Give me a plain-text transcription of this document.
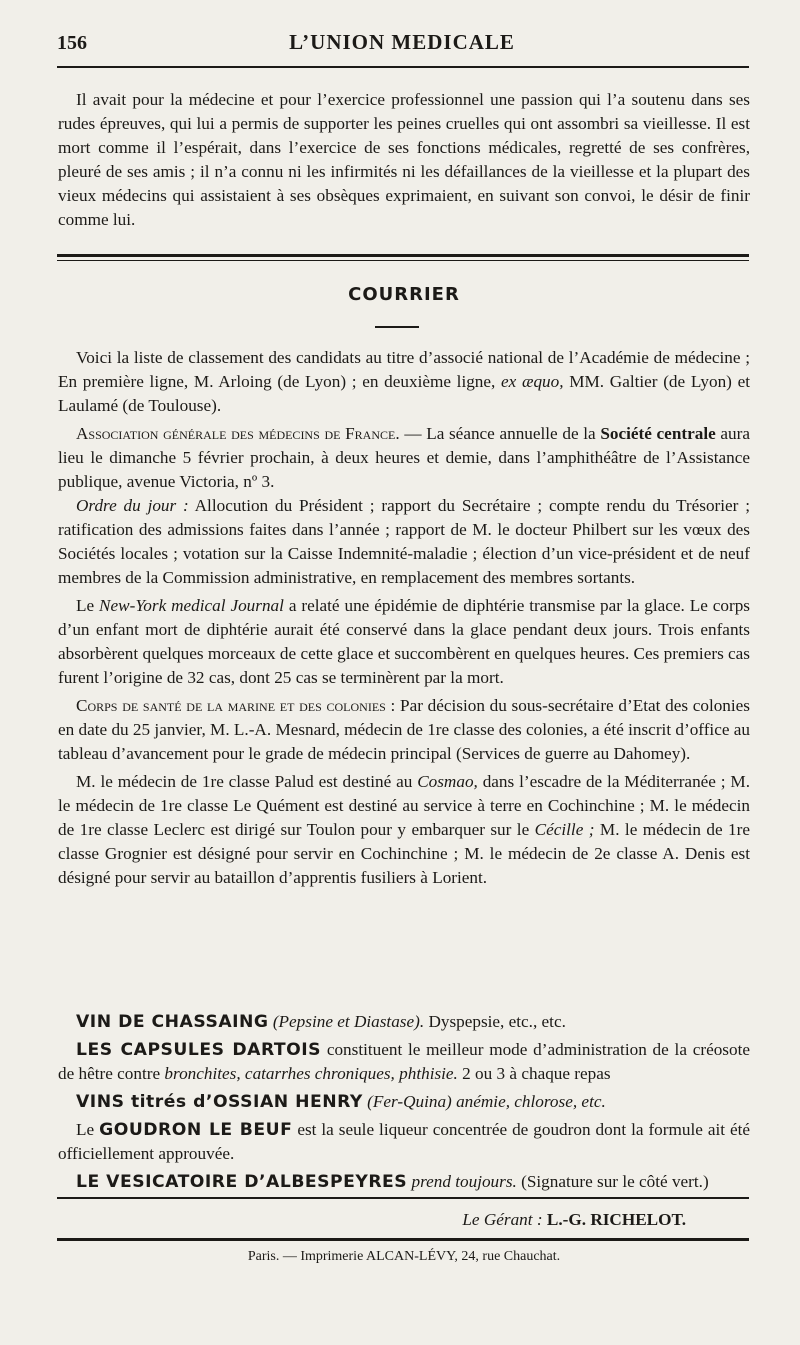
156	L’UNION MEDICALE

Il avait pour la médecine et pour l’exercice professionnel une passion qui l’a soutenu dans ses rudes épreuves, qui lui a permis de supporter les peines cruelles qui ont assombri sa vieillesse. Il est mort comme il l’espérait, dans l’exercice de ses fonctions médicales, regretté de ses confrères, pleuré de ses amis ; il n’a connu ni les infirmités ni les défaillances de la vieillesse et la plupart des vieux médecins qui assistaient à ses obsèques exprimaient, en suivant son convoi, le désir de finir comme lui.

COURRIER

Voici la liste de classement des candidats au titre d’associé national de l’Académie de médecine ; En première ligne, M. Arloing (de Lyon) ; en deuxième ligne, ex æquo, MM. Galtier (de Lyon) et Laulamé (de Toulouse).

Association générale des médecins de France. — La séance annuelle de la Société centrale aura lieu le dimanche 5 février prochain, à deux heures et demie, dans l’amphithéâtre de l’Assistance publique, avenue Victoria, nº 3.

Ordre du jour : Allocution du Président ; rapport du Secrétaire ; compte rendu du Trésorier ; ratification des admissions faites dans l’année ; rapport de M. le docteur Philbert sur les vœux des Sociétés locales ; votation sur la Caisse Indemnité-maladie ; élection d’un vice-président et de neuf membres de la Commission administrative, en remplacement des membres sortants.

Le New-York medical Journal a relaté une épidémie de diphtérie transmise par la glace. Le corps d’un enfant mort de diphtérie aurait été conservé dans la glace pendant deux jours. Trois enfants absorbèrent quelques morceaux de cette glace et succombèrent en quelques heures. Ces premiers cas furent l’origine de 32 cas, dont 25 cas se terminèrent par la mort.

Corps de santé de la marine et des colonies : Par décision du sous-secrétaire d’Etat des colonies en date du 25 janvier, M. L.-A. Mesnard, médecin de 1re classe des colonies, a été inscrit d’office au tableau d’avancement pour le grade de médecin principal (Services de guerre au Dahomey).

M. le médecin de 1re classe Palud est destiné au Cosmao, dans l’escadre de la Méditerranée ; M. le médecin de 1re classe Le Quément est destiné au service à terre en Cochinchine ; M. le médecin de 1re classe Leclerc est dirigé sur Toulon pour y embarquer sur le Cécille ; M. le médecin de 1re classe Grognier est désigné pour servir en Cochinchine ; M. le médecin de 2e classe A. Denis est désigné pour servir au bataillon d’apprentis fusiliers à Lorient.

VIN DE CHASSAING (Pepsine et Diastase). Dyspepsie, etc., etc.

LES CAPSULES DARTOIS constituent le meilleur mode d’administration de la créosote de hêtre contre bronchites, catarrhes chroniques, phthisie. 2 ou 3 à chaque repas

VINS titrés d’OSSIAN HENRY (Fer-Quina) anémie, chlorose, etc.

Le GOUDRON LE BEUF est la seule liqueur concentrée de goudron dont la formule ait été officiellement approuvée.

LE VESICATOIRE D’ALBESPEYRES prend toujours. (Signature sur le côté vert.)

Le Gérant : L.-G. RICHELOT.
Paris. — Imprimerie ALCAN-LÉVY, 24, rue Chauchat.
